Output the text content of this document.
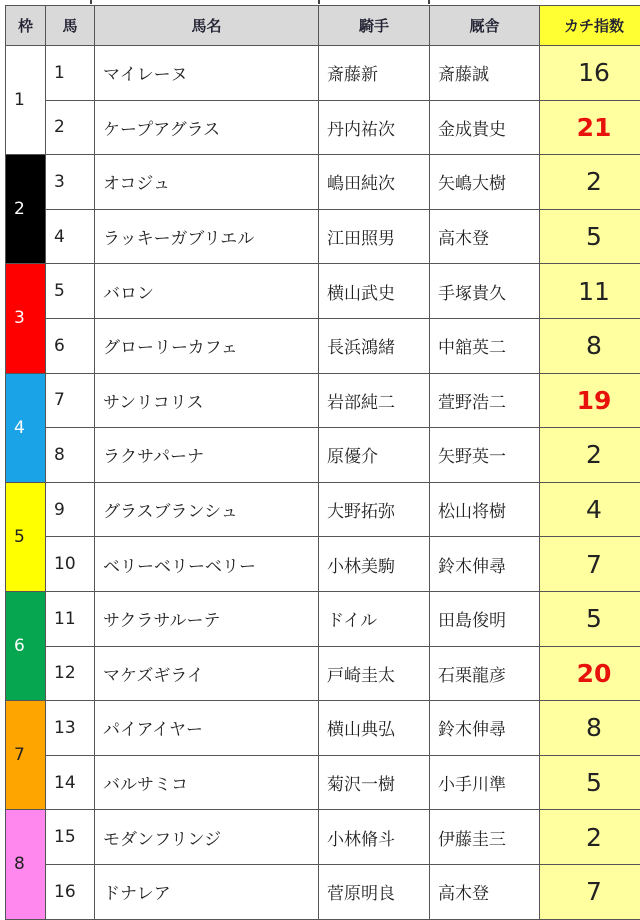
枠	馬	馬名	騎手	厩舎	カチ指数
1	1	マイレーヌ	斎藤新	斎藤誠	16
	2	ケープアグラス	丹内祐次	金成貴史	21
2	3	オコジュ	嶋田純次	矢嶋大樹	2
	4	ラッキーガブリエル	江田照男	高木登	5
3	5	バロン	横山武史	手塚貴久	11
	6	グローリーカフェ	長浜鴻緒	中舘英二	8
4	7	サンリコリス	岩部純二	萱野浩二	19
	8	ラクサパーナ	原優介	矢野英一	2
5	9	グラスブランシュ	大野拓弥	松山将樹	4
	10	ベリーベリーベリー	小林美駒	鈴木伸尋	7
6	11	サクラサルーテ	ドイル	田島俊明	5
	12	マケズギライ	戸崎圭太	石栗龍彦	20
7	13	パイアイヤー	横山典弘	鈴木伸尋	8
	14	バルサミコ	菊沢一樹	小手川準	5
8	15	モダンフリンジ	小林脩斗	伊藤圭三	2
	16	ドナレア	菅原明良	高木登	7
